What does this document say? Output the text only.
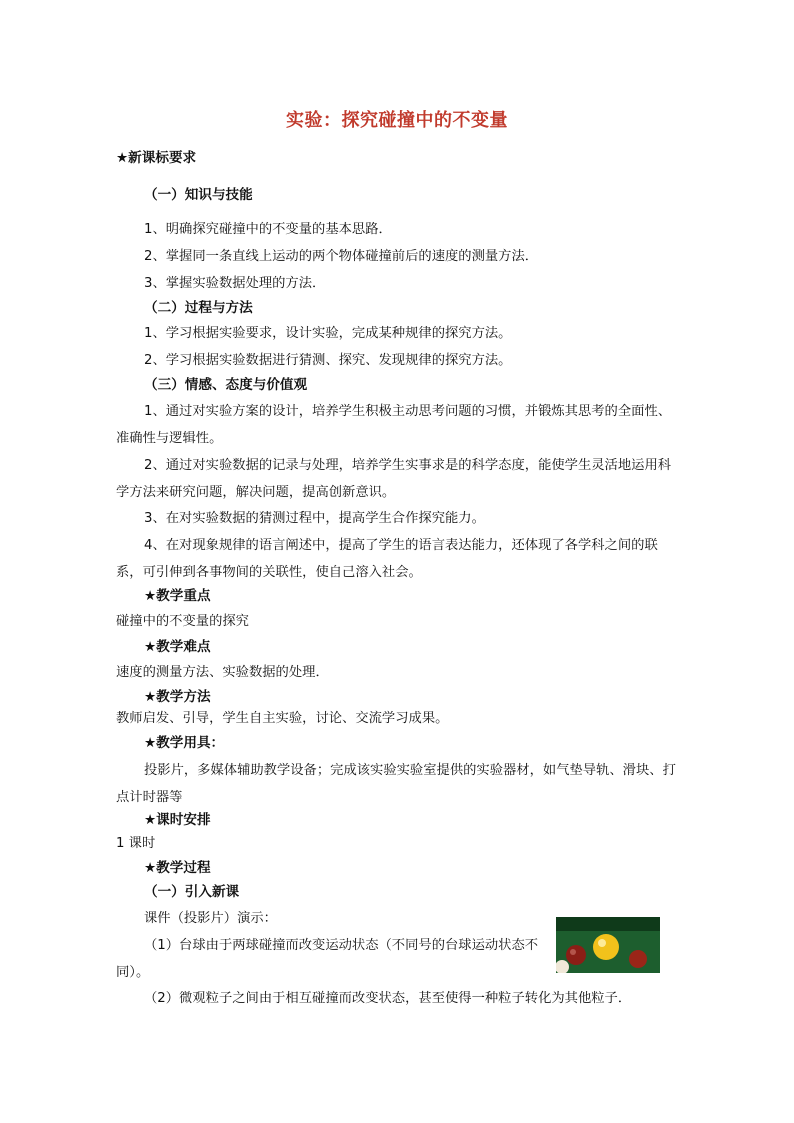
实验：探究碰撞中的不变量
★新课标要求
（一）知识与技能
1、明确探究碰撞中的不变量的基本思路．
2、掌握同一条直线上运动的两个物体碰撞前后的速度的测量方法．
3、掌握实验数据处理的方法．
（二）过程与方法
1、学习根据实验要求，设计实验，完成某种规律的探究方法。
2、学习根据实验数据进行猜测、探究、发现规律的探究方法。
（三）情感、态度与价值观
1、通过对实验方案的设计，培养学生积极主动思考问题的习惯，并锻炼其思考的全面性、准确性与逻辑性。
2、通过对实验数据的记录与处理，培养学生实事求是的科学态度，能使学生灵活地运用科学方法来研究问题，解决问题，提高创新意识。
3、在对实验数据的猜测过程中，提高学生合作探究能力。
4、在对现象规律的语言阐述中，提高了学生的语言表达能力，还体现了各学科之间的联系，可引伸到各事物间的关联性，使自己溶入社会。
★教学重点
碰撞中的不变量的探究
★教学难点
速度的测量方法、实验数据的处理．
★教学方法
教师启发、引导，学生自主实验，讨论、交流学习成果。
★教学用具：
投影片，多媒体辅助教学设备；完成该实验实验室提供的实验器材，如气垫导轨、滑块、打点计时器等
★课时安排
1 课时
★教学过程
（一）引入新课
课件（投影片）演示：
（1）台球由于两球碰撞而改变运动状态（不同号的台球运动状态不同）。
（2）微观粒子之间由于相互碰撞而改变状态，甚至使得一种粒子转化为其他粒子．
